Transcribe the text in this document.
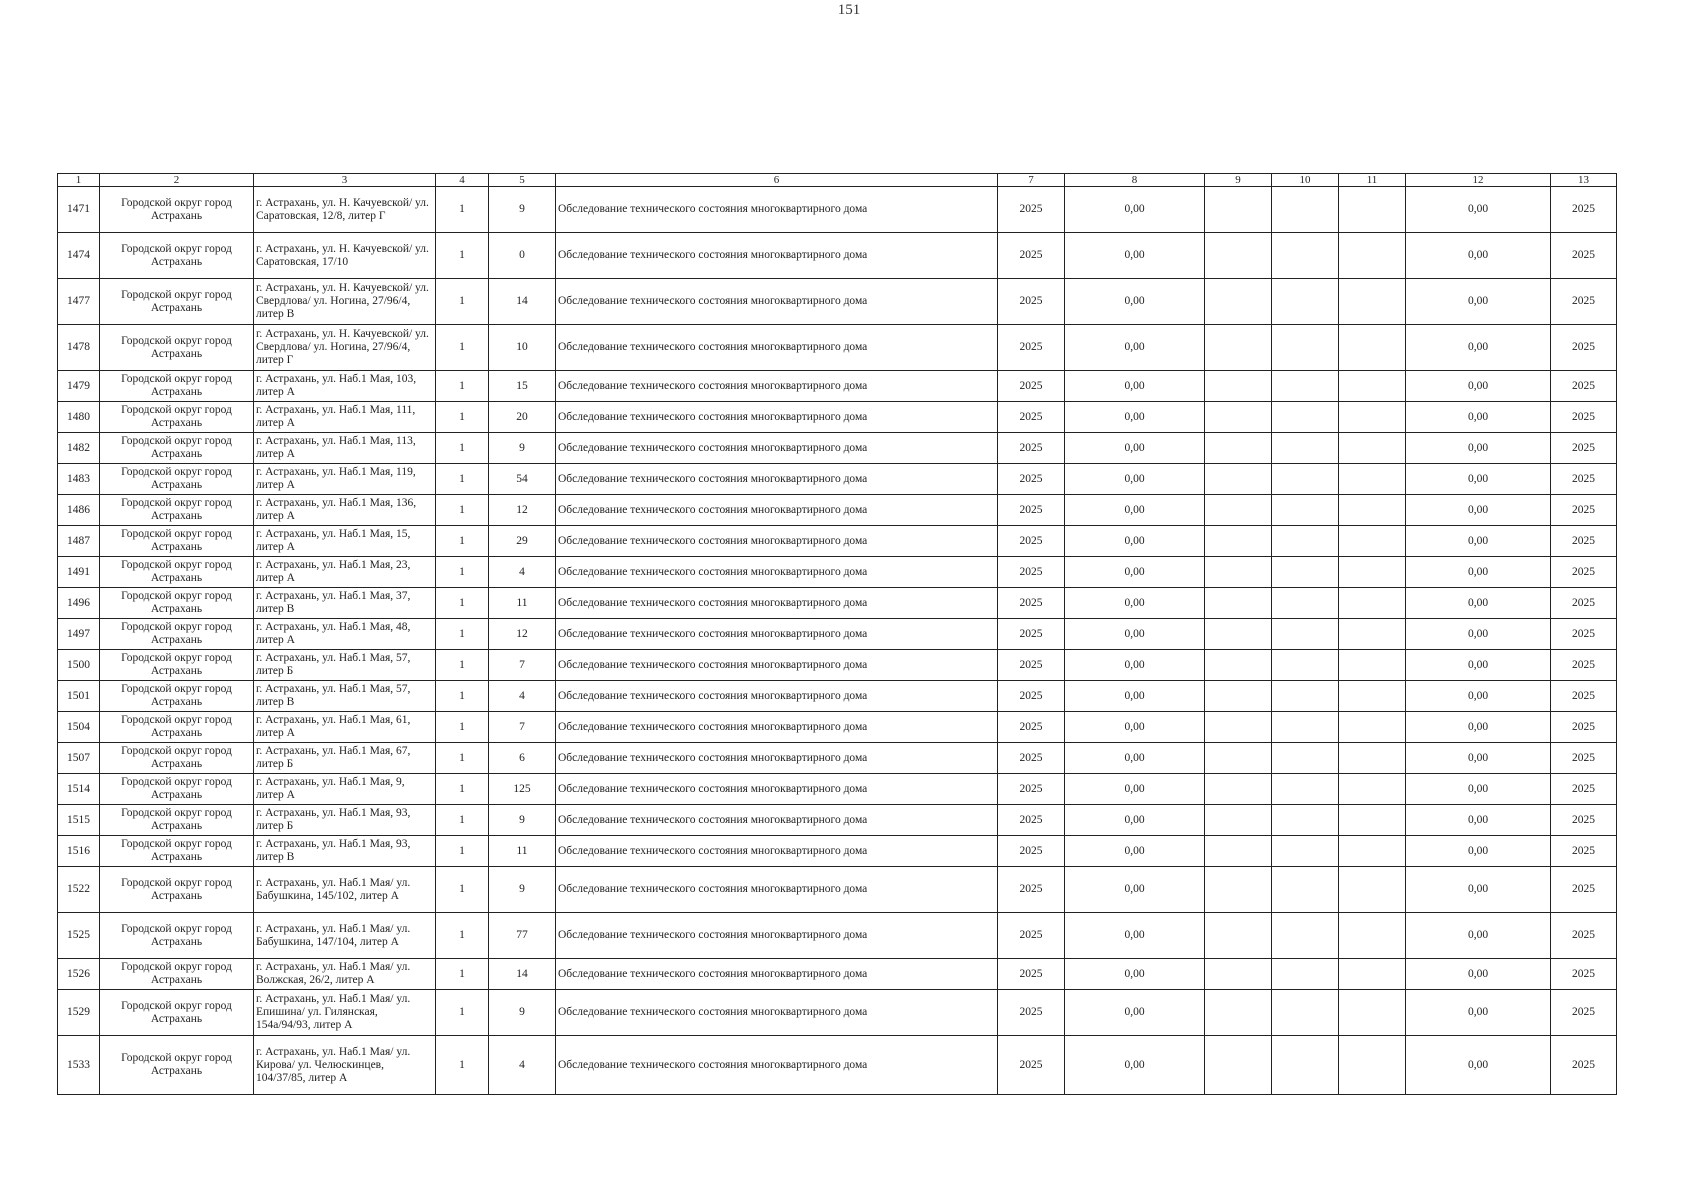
151
1	2	3	4	5	6	7	8	9	10	11	12	13
1471	Городской округ город Астрахань	г. Астрахань, ул. Н. Качуевской/ ул. Саратовская, 12/8, литер Г	1	9	Обследование технического состояния многоквартирного дома	2025	0,00				0,00	2025
1474	Городской округ город Астрахань	г. Астрахань, ул. Н. Качуевской/ ул. Саратовская, 17/10	1	0	Обследование технического состояния многоквартирного дома	2025	0,00				0,00	2025
1477	Городской округ город Астрахань	г. Астрахань, ул. Н. Качуевской/ ул. Свердлова/ ул. Ногина, 27/96/4, литер В	1	14	Обследование технического состояния многоквартирного дома	2025	0,00				0,00	2025
1478	Городской округ город Астрахань	г. Астрахань, ул. Н. Качуевской/ ул. Свердлова/ ул. Ногина, 27/96/4, литер Г	1	10	Обследование технического состояния многоквартирного дома	2025	0,00				0,00	2025
1479	Городской округ город Астрахань	г. Астрахань, ул. Наб.1 Мая, 103, литер А	1	15	Обследование технического состояния многоквартирного дома	2025	0,00				0,00	2025
1480	Городской округ город Астрахань	г. Астрахань, ул. Наб.1 Мая, 111, литер А	1	20	Обследование технического состояния многоквартирного дома	2025	0,00				0,00	2025
1482	Городской округ город Астрахань	г. Астрахань, ул. Наб.1 Мая, 113, литер А	1	9	Обследование технического состояния многоквартирного дома	2025	0,00				0,00	2025
1483	Городской округ город Астрахань	г. Астрахань, ул. Наб.1 Мая, 119, литер А	1	54	Обследование технического состояния многоквартирного дома	2025	0,00				0,00	2025
1486	Городской округ город Астрахань	г. Астрахань, ул. Наб.1 Мая, 136, литер А	1	12	Обследование технического состояния многоквартирного дома	2025	0,00				0,00	2025
1487	Городской округ город Астрахань	г. Астрахань, ул. Наб.1 Мая, 15, литер А	1	29	Обследование технического состояния многоквартирного дома	2025	0,00				0,00	2025
1491	Городской округ город Астрахань	г. Астрахань, ул. Наб.1 Мая, 23, литер А	1	4	Обследование технического состояния многоквартирного дома	2025	0,00				0,00	2025
1496	Городской округ город Астрахань	г. Астрахань, ул. Наб.1 Мая, 37, литер В	1	11	Обследование технического состояния многоквартирного дома	2025	0,00				0,00	2025
1497	Городской округ город Астрахань	г. Астрахань, ул. Наб.1 Мая, 48, литер А	1	12	Обследование технического состояния многоквартирного дома	2025	0,00				0,00	2025
1500	Городской округ город Астрахань	г. Астрахань, ул. Наб.1 Мая, 57, литер Б	1	7	Обследование технического состояния многоквартирного дома	2025	0,00				0,00	2025
1501	Городской округ город Астрахань	г. Астрахань, ул. Наб.1 Мая, 57, литер В	1	4	Обследование технического состояния многоквартирного дома	2025	0,00				0,00	2025
1504	Городской округ город Астрахань	г. Астрахань, ул. Наб.1 Мая, 61, литер А	1	7	Обследование технического состояния многоквартирного дома	2025	0,00				0,00	2025
1507	Городской округ город Астрахань	г. Астрахань, ул. Наб.1 Мая, 67, литер Б	1	6	Обследование технического состояния многоквартирного дома	2025	0,00				0,00	2025
1514	Городской округ город Астрахань	г. Астрахань, ул. Наб.1 Мая, 9, литер А	1	125	Обследование технического состояния многоквартирного дома	2025	0,00				0,00	2025
1515	Городской округ город Астрахань	г. Астрахань, ул. Наб.1 Мая, 93, литер Б	1	9	Обследование технического состояния многоквартирного дома	2025	0,00				0,00	2025
1516	Городской округ город Астрахань	г. Астрахань, ул. Наб.1 Мая, 93, литер В	1	11	Обследование технического состояния многоквартирного дома	2025	0,00				0,00	2025
1522	Городской округ город Астрахань	г. Астрахань, ул. Наб.1 Мая/ ул. Бабушкина, 145/102, литер А	1	9	Обследование технического состояния многоквартирного дома	2025	0,00				0,00	2025
1525	Городской округ город Астрахань	г. Астрахань, ул. Наб.1 Мая/ ул. Бабушкина, 147/104, литер А	1	77	Обследование технического состояния многоквартирного дома	2025	0,00				0,00	2025
1526	Городской округ город Астрахань	г. Астрахань, ул. Наб.1 Мая/ ул. Волжская, 26/2, литер А	1	14	Обследование технического состояния многоквартирного дома	2025	0,00				0,00	2025
1529	Городской округ город Астрахань	г. Астрахань, ул. Наб.1 Мая/ ул. Епишина/ ул. Гилянская, 154а/94/93, литер А	1	9	Обследование технического состояния многоквартирного дома	2025	0,00				0,00	2025
1533	Городской округ город Астрахань	г. Астрахань, ул. Наб.1 Мая/ ул. Кирова/ ул. Челюскинцев, 104/37/85, литер А	1	4	Обследование технического состояния многоквартирного дома	2025	0,00				0,00	2025
